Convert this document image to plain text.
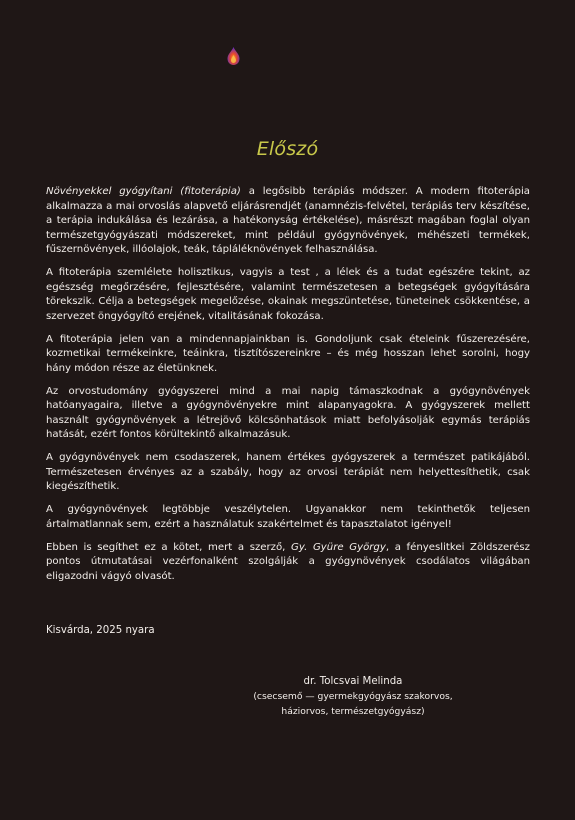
Előszó

Növényekkel gyógyítani (fitoterápia) a legősibb terápiás módszer. A modern fitoterápia alkalmazza a mai orvoslás alapvető eljárásrendjét (anamnézis-felvétel, terápiás terv készítése, a terápia indukálása és lezárása, a hatékonyság értékelése), másrészt magában foglal olyan természetgyógyászati módszereket, mint például gyógynövények, méhészeti termékek, fűszernövények, illóolajok, teák, tápláléknövények felhasználása.

A fitoterápia szemlélete holisztikus, vagyis a test , a lélek és a tudat egészére tekint, az egészség megőrzésére, fejlesztésére, valamint természetesen a betegségek gyógyítására törekszik. Célja a betegségek megelőzése, okainak megszüntetése, tüneteinek csökkentése, a szervezet öngyógyító erejének, vitalitásának fokozása.

A fitoterápia jelen van a mindennapjainkban is. Gondoljunk csak ételeink fűszerezésére, kozmetikai termékeinkre, teáinkra, tisztítószereinkre – és még hosszan lehet sorolni, hogy hány módon része az életünknek.

Az orvostudomány gyógyszerei mind a mai napig támaszkodnak a gyógynövények hatóanyagaira, illetve a gyógynövényekre mint alapanyagokra. A gyógyszerek mellett használt gyógynövények a létrejövő kölcsönhatások miatt befolyásolják egymás terápiás hatását, ezért fontos körültekintő alkalmazásuk.

A gyógynövények nem csodaszerek, hanem értékes gyógyszerek a természet patikájából. Természetesen érvényes az a szabály, hogy az orvosi terápiát nem helyettesíthetik, csak kiegészíthetik.

A gyógynövények legtöbbje veszélytelen. Ugyanakkor nem tekinthetők teljesen ártalmatlannak sem, ezért a használatuk szakértelmet és tapasztalatot igényel!

Ebben is segíthet ez a kötet, mert a szerző, Gy. Gyüre György, a fényeslitkei Zöldszerész pontos útmutatásai vezérfonalként szolgálják a gyógynövények csodálatos világában eligazodni vágyó olvasót.

Kisvárda, 2025 nyara
dr. Tolcsvai Melinda
(csecsemő — gyermekgyógyász szakorvos,
háziorvos, természetgyógyász)
